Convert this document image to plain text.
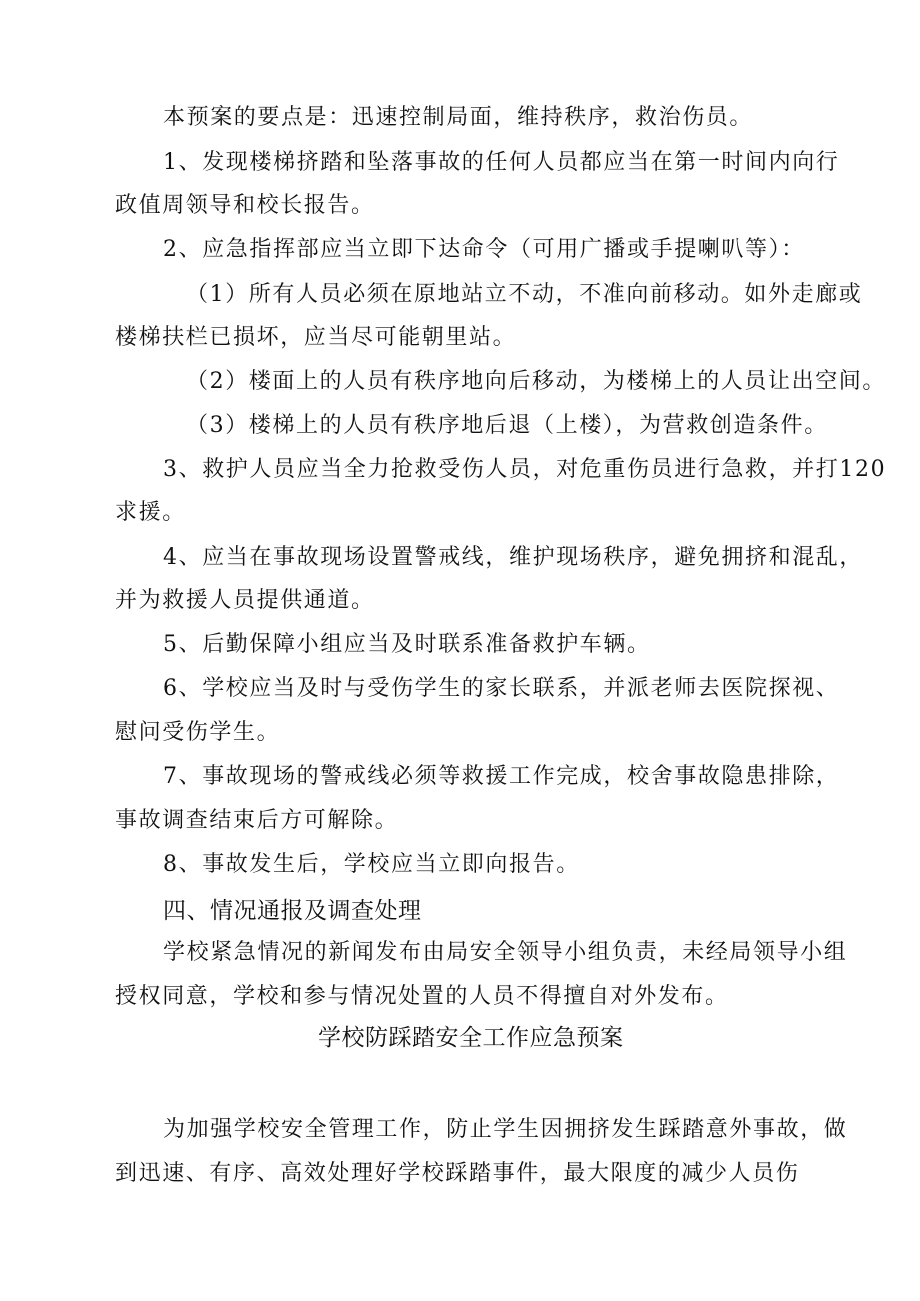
本预案的要点是：迅速控制局面，维持秩序，救治伤员。
1、发现楼梯挤踏和坠落事故的任何人员都应当在第一时间内向行
政值周领导和校长报告。
2、应急指挥部应当立即下达命令（可用广播或手提喇叭等）：
（1）所有人员必须在原地站立不动，不准向前移动。如外走廊或
楼梯扶栏已损坏，应当尽可能朝里站。
（2）楼面上的人员有秩序地向后移动，为楼梯上的人员让出空间。
（3）楼梯上的人员有秩序地后退（上楼），为营救创造条件。
3、救护人员应当全力抢救受伤人员，对危重伤员进行急救，并打120
求援。
4、应当在事故现场设置警戒线，维护现场秩序，避免拥挤和混乱，
并为救援人员提供通道。
5、后勤保障小组应当及时联系准备救护车辆。
6、学校应当及时与受伤学生的家长联系，并派老师去医院探视、
慰问受伤学生。
7、事故现场的警戒线必须等救援工作完成，校舍事故隐患排除，
事故调查结束后方可解除。
8、事故发生后，学校应当立即向报告。
四、情况通报及调查处理
学校紧急情况的新闻发布由局安全领导小组负责，未经局领导小组
授权同意，学校和参与情况处置的人员不得擅自对外发布。
学校防踩踏安全工作应急预案
为加强学校安全管理工作，防止学生因拥挤发生踩踏意外事故，做
到迅速、有序、高效处理好学校踩踏事件，最大限度的减少人员伤
